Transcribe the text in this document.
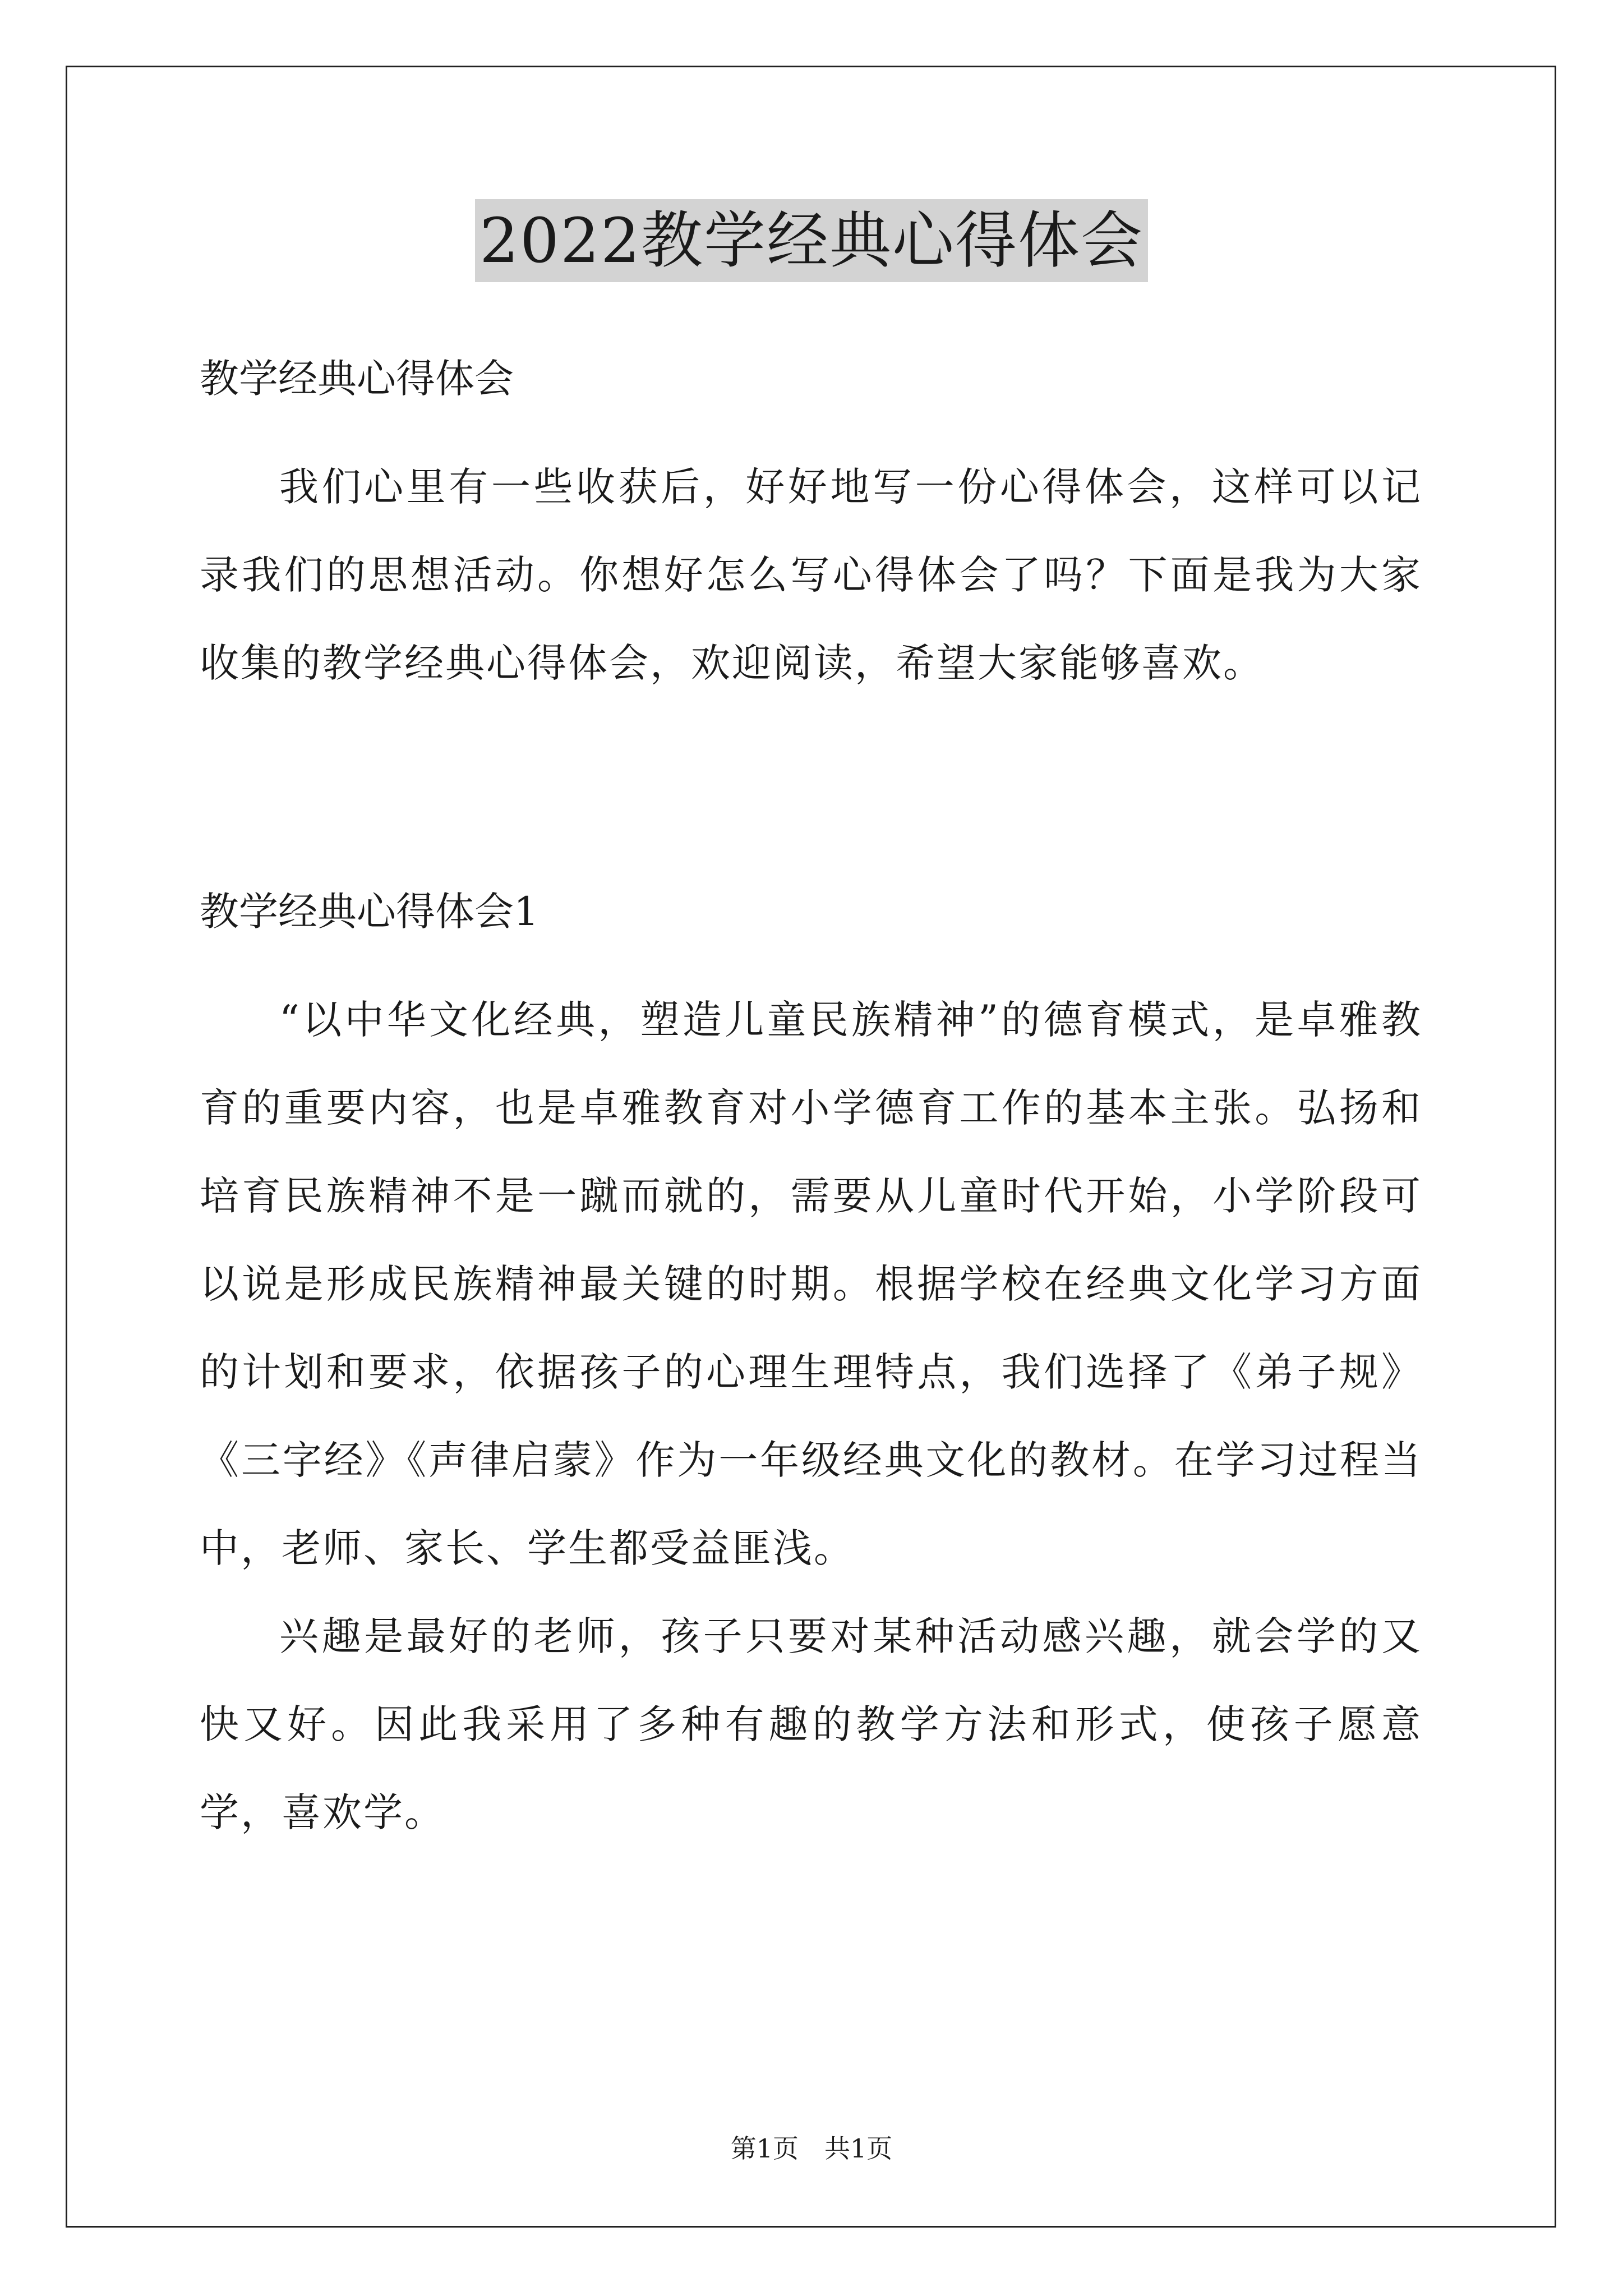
2022教学经典心得体会
教学经典心得体会

我们心里有一些收获后，好好地写一份心得体会，这样可以记录我们的思想活动。你想好怎么写心得体会了吗？下面是我为大家收集的教学经典心得体会，欢迎阅读，希望大家能够喜欢。

教学经典心得体会1

“以中华文化经典，塑造儿童民族精神”的德育模式，是卓雅教育的重要内容，也是卓雅教育对小学德育工作的基本主张。弘扬和培育民族精神不是一蹴而就的，需要从儿童时代开始，小学阶段可以说是形成民族精神最关键的时期。根据学校在经典文化学习方面的计划和要求，依据孩子的心理生理特点，我们选择了《弟子规》《三字经》《声律启蒙》作为一年级经典文化的教材。在学习过程当中，老师、家长、学生都受益匪浅。

兴趣是最好的老师，孩子只要对某种活动感兴趣，就会学的又快又好。因此我采用了多种有趣的教学方法和形式，使孩子愿意学，喜欢学。

第1页　共1页
